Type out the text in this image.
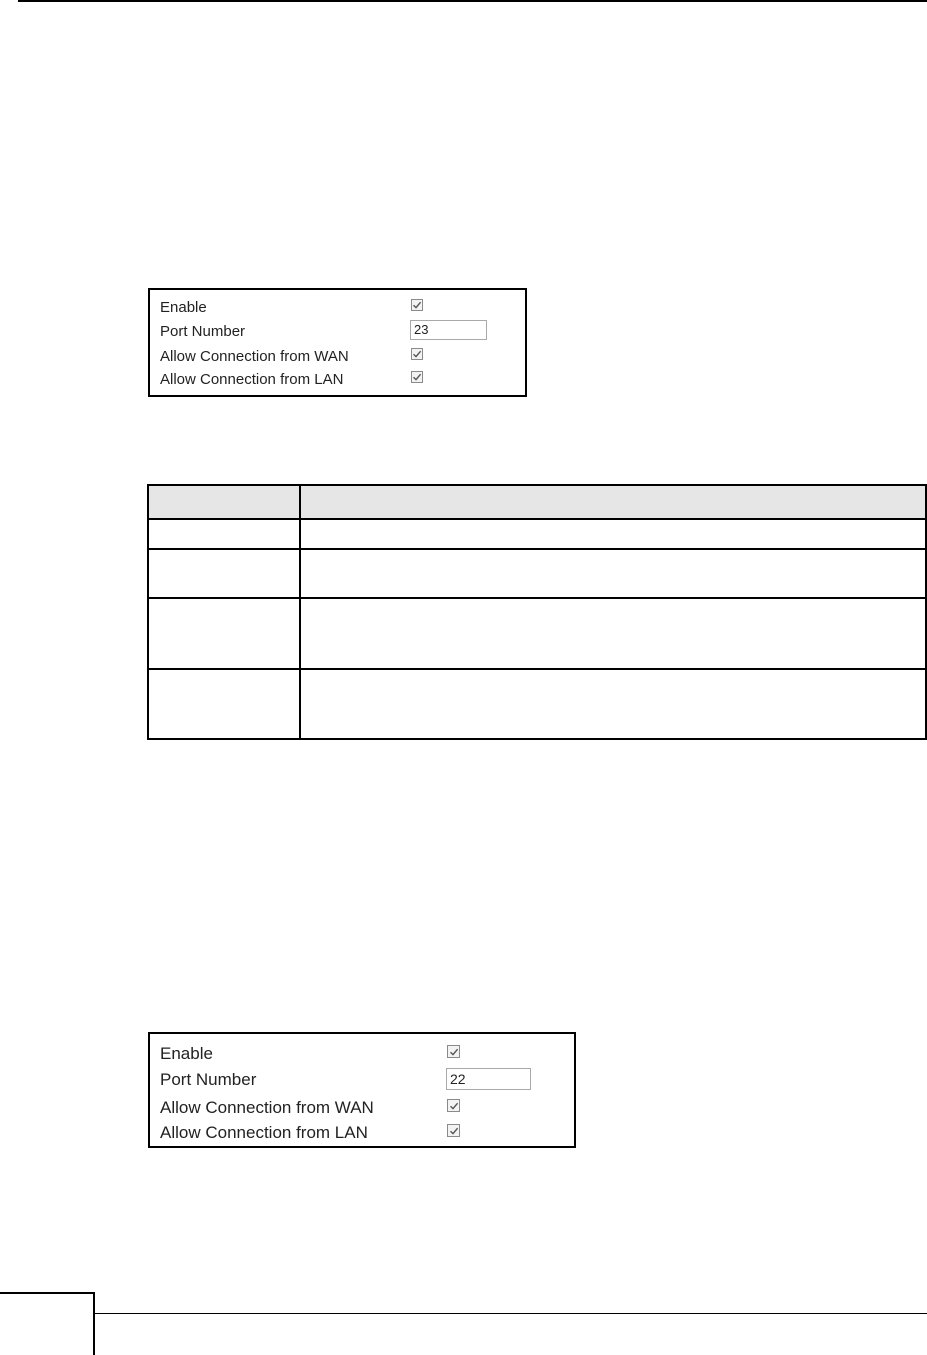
Enable
Port Number	23
Allow Connection from WAN
Allow Connection from LAN

Enable
Port Number	22
Allow Connection from WAN
Allow Connection from LAN
